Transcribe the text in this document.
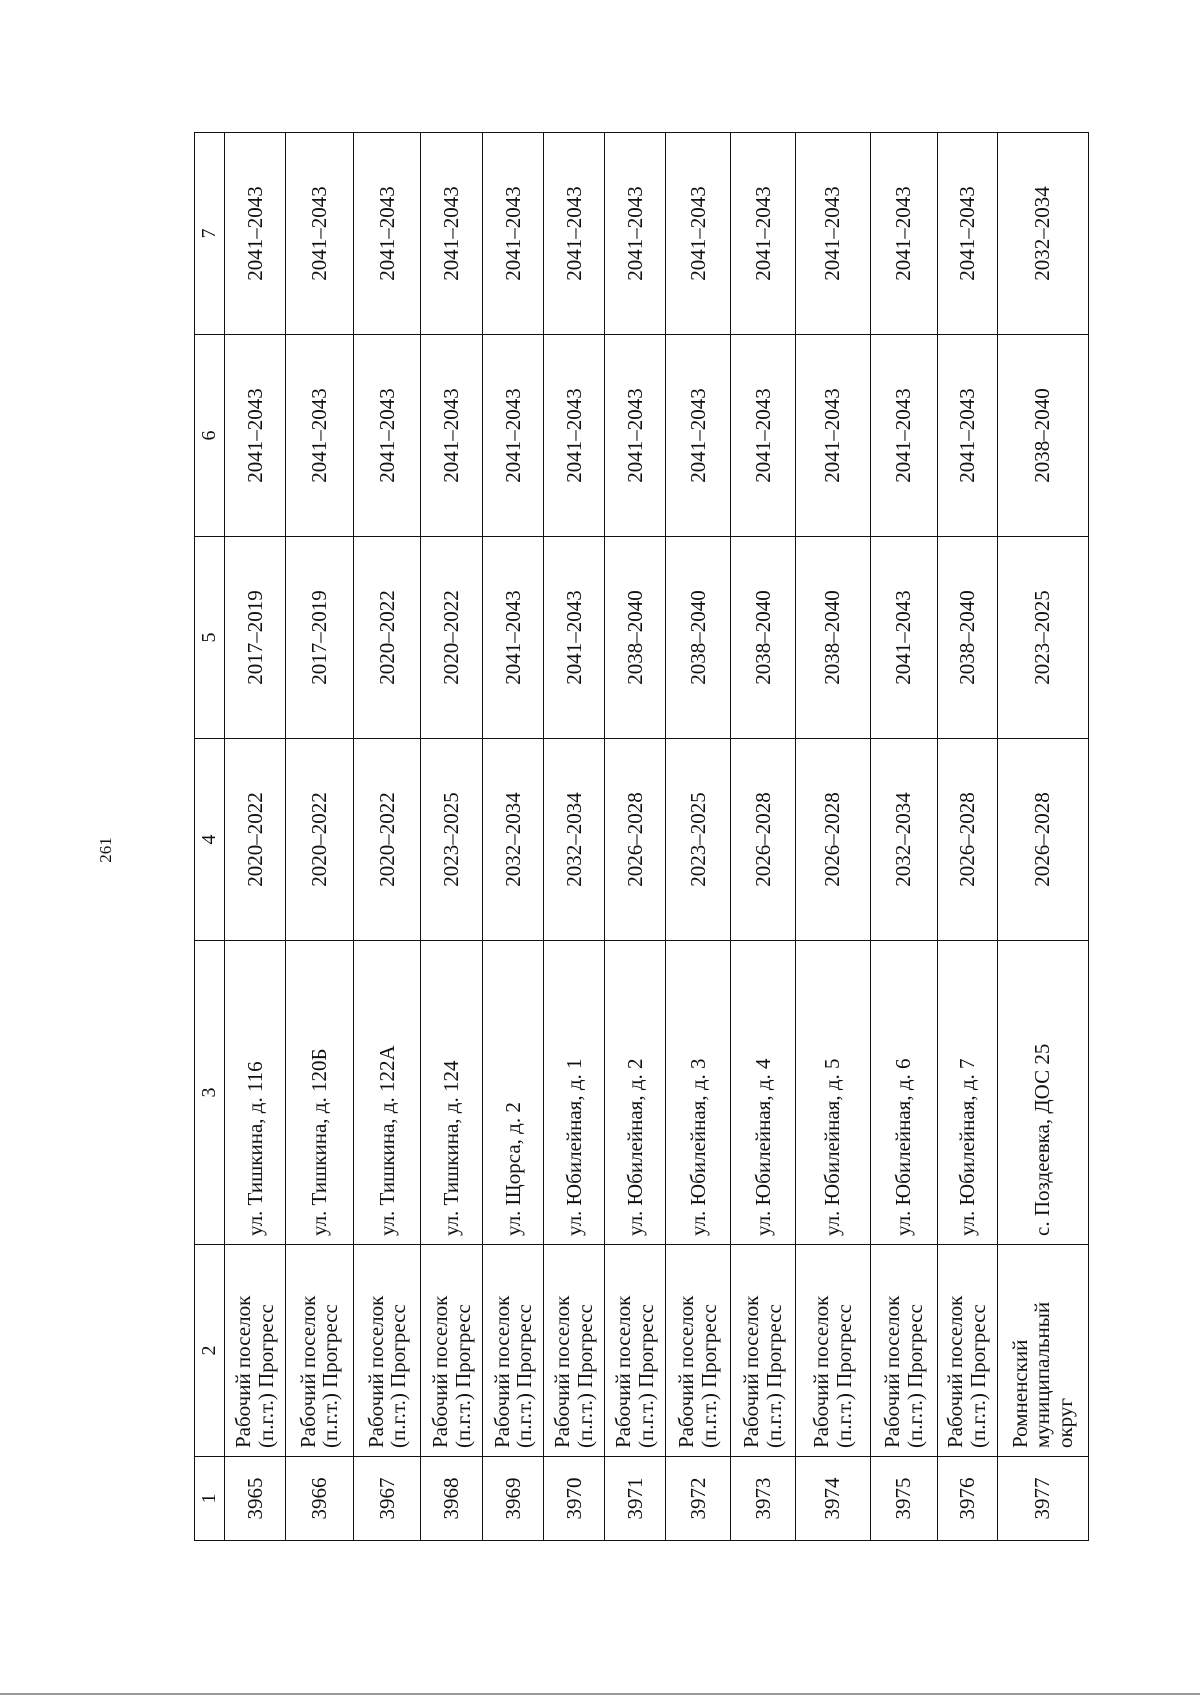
261
1	2	3	4	5	6	7
3965	Рабочий поселок (п.г.т.) Прогресс	ул. Тишкина, д. 116	2020–2022	2017–2019	2041–2043	2041–2043
3966	Рабочий поселок (п.г.т.) Прогресс	ул. Тишкина, д. 120Б	2020–2022	2017–2019	2041–2043	2041–2043
3967	Рабочий поселок (п.г.т.) Прогресс	ул. Тишкина, д. 122А	2020–2022	2020–2022	2041–2043	2041–2043
3968	Рабочий поселок (п.г.т.) Прогресс	ул. Тишкина, д. 124	2023–2025	2020–2022	2041–2043	2041–2043
3969	Рабочий поселок (п.г.т.) Прогресс	ул. Щорса, д. 2	2032–2034	2041–2043	2041–2043	2041–2043
3970	Рабочий поселок (п.г.т.) Прогресс	ул. Юбилейная, д. 1	2032–2034	2041–2043	2041–2043	2041–2043
3971	Рабочий поселок (п.г.т.) Прогресс	ул. Юбилейная, д. 2	2026–2028	2038–2040	2041–2043	2041–2043
3972	Рабочий поселок (п.г.т.) Прогресс	ул. Юбилейная, д. 3	2023–2025	2038–2040	2041–2043	2041–2043
3973	Рабочий поселок (п.г.т.) Прогресс	ул. Юбилейная, д. 4	2026–2028	2038–2040	2041–2043	2041–2043
3974	Рабочий поселок (п.г.т.) Прогресс	ул. Юбилейная, д. 5	2026–2028	2038–2040	2041–2043	2041–2043
3975	Рабочий поселок (п.г.т.) Прогресс	ул. Юбилейная, д. 6	2032–2034	2041–2043	2041–2043	2041–2043
3976	Рабочий поселок (п.г.т.) Прогресс	ул. Юбилейная, д. 7	2026–2028	2038–2040	2041–2043	2041–2043
3977	Ромненский муниципальный округ	с. Поздеевка, ДОС 25	2026–2028	2023–2025	2038–2040	2032–2034
